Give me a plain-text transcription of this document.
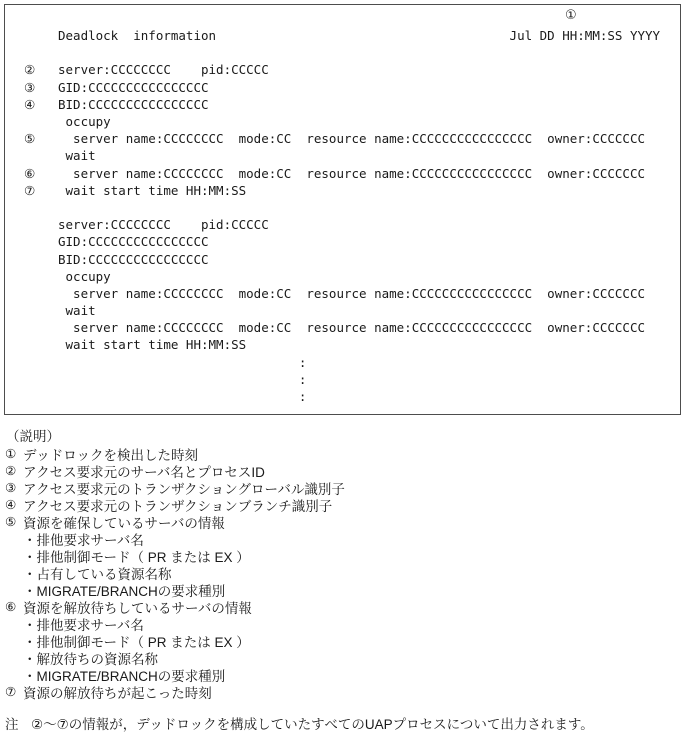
①
Deadlock  information                                       Jul DD HH:MM:SS YYYY
②	server:CCCCCCCC    pid:CCCCC
③	GID:CCCCCCCCCCCCCCCC
④	BID:CCCCCCCCCCCCCCCC
occupy
⑤	server name:CCCCCCCC  mode:CC  resource name:CCCCCCCCCCCCCCCC  owner:CCCCCCC
wait
⑥	server name:CCCCCCCC  mode:CC  resource name:CCCCCCCCCCCCCCCC  owner:CCCCCCC
⑦	wait start time HH:MM:SS
server:CCCCCCCC    pid:CCCCC
GID:CCCCCCCCCCCCCCCC
BID:CCCCCCCCCCCCCCCC
occupy
server name:CCCCCCCC  mode:CC  resource name:CCCCCCCCCCCCCCCC  owner:CCCCCCC
wait
server name:CCCCCCCC  mode:CC  resource name:CCCCCCCCCCCCCCCC  owner:CCCCCCC
wait start time HH:MM:SS
:
:
:
（説明）
① デッドロックを検出した時刻
② アクセス要求元のサーバ名とプロセスID
③ アクセス要求元のトランザクショングローバル識別子
④ アクセス要求元のトランザクションブランチ識別子
⑤ 資源を確保しているサーバの情報
・排他要求サーバ名
・排他制御モード（ PR または EX ）
・占有している資源名称
・MIGRATE/BRANCHの要求種別
⑥ 資源を解放待ちしているサーバの情報
・排他要求サーバ名
・排他制御モード（ PR または EX ）
・解放待ちの資源名称
・MIGRATE/BRANCHの要求種別
⑦ 資源の解放待ちが起こった時刻
注 ②～⑦の情報が，デッドロックを構成していたすべてのUAPプロセスについて出力されます。
